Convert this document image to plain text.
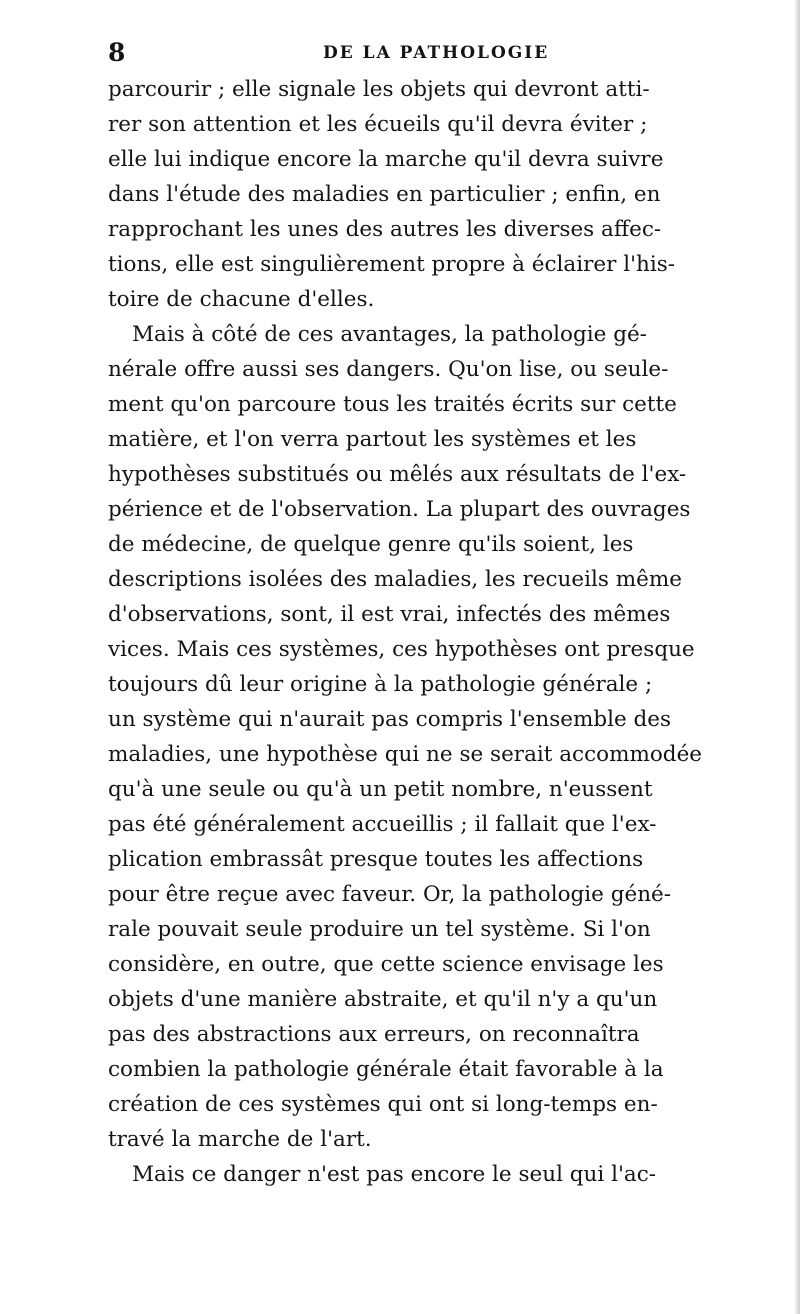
8	DE LA PATHOLOGIE
parcourir ; elle signale les objets qui devront atti-
rer son attention et les écueils qu'il devra éviter ;
elle lui indique encore la marche qu'il devra suivre
dans l'étude des maladies en particulier ; enfin, en
rapprochant les unes des autres les diverses affec-
tions, elle est singulièrement propre à éclairer l'his-
toire de chacune d'elles.
Mais à côté de ces avantages, la pathologie gé-
nérale offre aussi ses dangers. Qu'on lise, ou seule-
ment qu'on parcoure tous les traités écrits sur cette
matière, et l'on verra partout les systèmes et les
hypothèses substitués ou mêlés aux résultats de l'ex-
périence et de l'observation. La plupart des ouvrages
de médecine, de quelque genre qu'ils soient, les
descriptions isolées des maladies, les recueils même
d'observations, sont, il est vrai, infectés des mêmes
vices. Mais ces systèmes, ces hypothèses ont presque
toujours dû leur origine à la pathologie générale ;
un système qui n'aurait pas compris l'ensemble des
maladies, une hypothèse qui ne se serait accommodée
qu'à une seule ou qu'à un petit nombre, n'eussent
pas été généralement accueillis ; il fallait que l'ex-
plication embrassât presque toutes les affections
pour être reçue avec faveur. Or, la pathologie géné-
rale pouvait seule produire un tel système. Si l'on
considère, en outre, que cette science envisage les
objets d'une manière abstraite, et qu'il n'y a qu'un
pas des abstractions aux erreurs, on reconnaîtra
combien la pathologie générale était favorable à la
création de ces systèmes qui ont si long-temps en-
travé la marche de l'art.
Mais ce danger n'est pas encore le seul qui l'ac-
